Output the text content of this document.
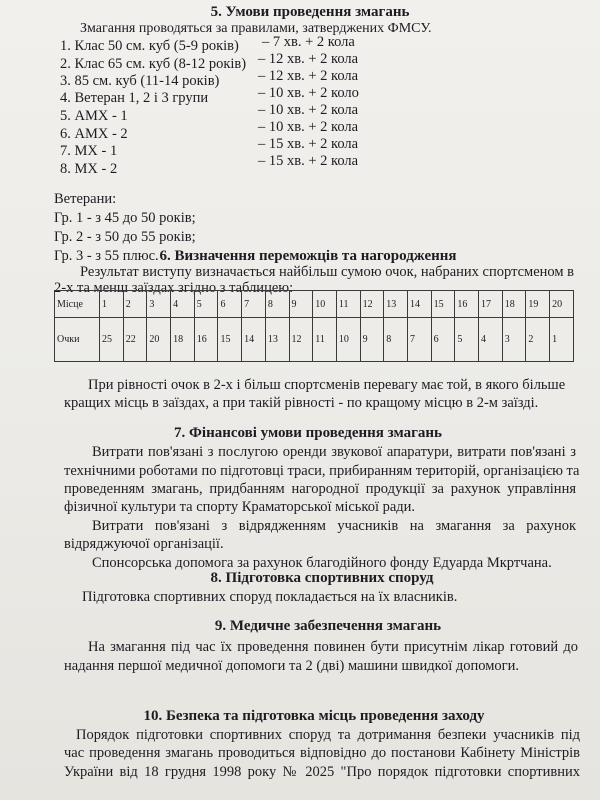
5. Умови проведення змагань
Змагання проводяться за правилами, затверджених ФМСУ.
1. Клас 50 см. куб (5-9 років) – 7 хв. + 2 кола
2. Клас 65 см. куб (8-12 років) – 12 хв. + 2 кола
3. 85 см. куб (11-14 років)	– 12 хв. + 2 кола
4. Ветеран 1, 2 і 3 групи	– 10 хв. + 2 коло
5. АМХ - 1	– 10 хв. + 2 кола
6. АМХ - 2	– 10 хв. + 2 кола
7. МХ - 1	– 15 хв. + 2 кола
8. МХ - 2	– 15 хв. + 2 кола
Ветерани:
Гр. 1 - з 45 до 50 років;
Гр. 2 - з 50 до 55 років;
Гр. 3 - з 55 плюс. 6. Визначення переможців та нагородження
Результат виступу визначається найбільш сумою очок, набраних спортсменом в
2-х та менш заїздах згідно з таблицею:
Місце	1	2	3	4	5	6	7	8	9	10	11	12	13	14	15	16	17	18	19	20
Очки	25	22	20	18	16	15	14	13	12	11	10	9	8	7	6	5	4	3	2	1
При рівності очок в 2-х і більш спортсменів перевагу має той, в якого більше
кращих місць в заїздах, а при такій рівності - по кращому місцю в 2-м заїзді.
7. Фінансові умови проведення змагань
Витрати пов'язані з послугою оренди звукової апаратури, витрати пов'язані з
технічними роботами по підготовці траси, прибиранням територій, організацією та
проведенням змагань, придбанням нагородної продукції за рахунок управління
фізичної культури та спорту Краматорської міської ради.
Витрати пов'язані з відрядженням учасників на змагання за рахунок
відряджуючої організації.
Спонсорська допомога за рахунок благодійного фонду Едуарда Мкртчана.
8. Підготовка спортивних споруд
Підготовка спортивних споруд покладається на їх власників.
9. Медичне забезпечення змагань
На змагання під час їх проведення повинен бути присутнім лікар готовий до
надання першої медичної допомоги та 2 (дві) машини швидкої допомоги.
10. Безпека та підготовка місць проведення заходу
Порядок підготовки спортивних споруд та дотримання безпеки учасників під
час проведення змагань проводиться відповідно до постанови Кабінету Міністрів
України від 18 грудня 1998 року № 2025 "Про порядок підготовки спортивних
